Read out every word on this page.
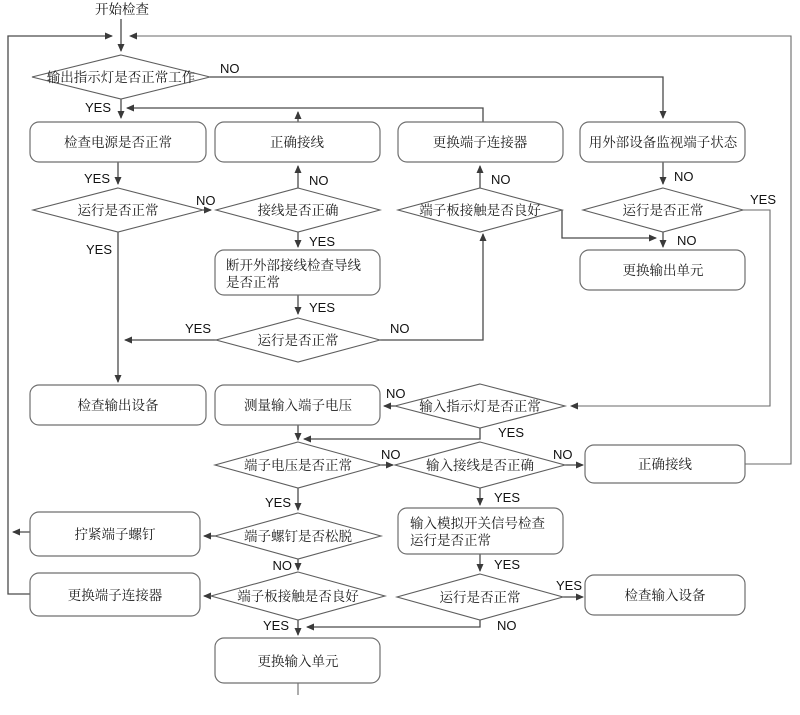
开始检查
输出指示灯是否正常工作
检查电源是否正常	正确接线	更换端子连接器	用外部设备监视端子状态
运行是否正常	接线是否正确	端子板接触是否良好	运行是否正常
断开外部接线检查导线
是否正常
更换输出单元
运行是否正常
检查输出设备	测量输入端子电压	输入指示灯是否正常
端子电压是否正常	输入接线是否正确	正确接线
拧紧端子螺钉	端子螺钉是否松脱
输入模拟开关信号检查
运行是否正常
更换端子连接器	端子板接触是否良好	运行是否正常	检查输入设备
更换输入单元
NO
YES
YES
NO
YES
NO
YES
YES
YES	NO
NO	NO
NO
YES
NO
YES
NO
YES
NO
YES
NO
YES
YES
YES
NO
